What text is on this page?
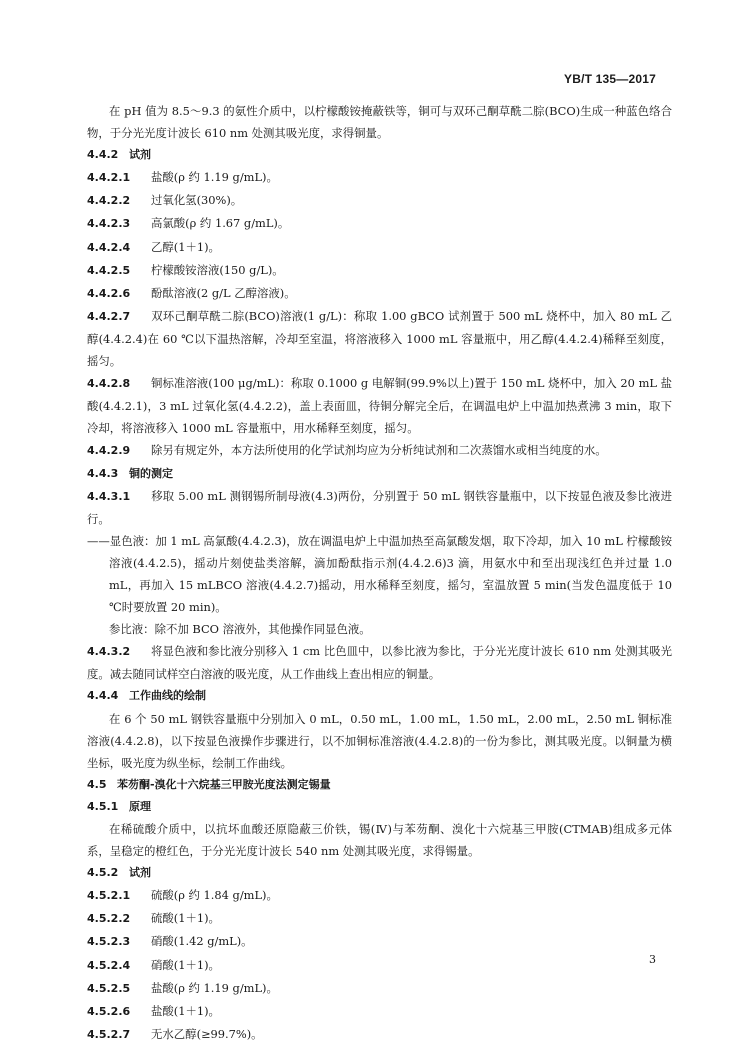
YB/T 135—2017

在 pH 值为 8.5～9.3 的氨性介质中，以柠檬酸铵掩蔽铁等，铜可与双环己酮草酰二腙(BCO)生成一种蓝色络合物，于分光光度计波长 610 nm 处测其吸光度，求得铜量。

4.4.2 试剂

4.4.2.1 盐酸(ρ 约 1.19 g/mL)。

4.4.2.2 过氧化氢(30%)。

4.4.2.3 高氯酸(ρ 约 1.67 g/mL)。

4.4.2.4 乙醇(1＋1)。

4.4.2.5 柠檬酸铵溶液(150 g/L)。

4.4.2.6 酚酞溶液(2 g/L 乙醇溶液)。

4.4.2.7 双环己酮草酰二腙(BCO)溶液(1 g/L)：称取 1.00 gBCO 试剂置于 500 mL 烧杯中，加入 80 mL 乙醇(4.4.2.4)在 60 ℃以下温热溶解，冷却至室温，将溶液移入 1000 mL 容量瓶中，用乙醇(4.4.2.4)稀释至刻度，摇匀。

4.4.2.8 铜标准溶液(100 μg/mL)：称取 0.1000 g 电解铜(99.9%以上)置于 150 mL 烧杯中，加入 20 mL 盐酸(4.4.2.1)，3 mL 过氧化氢(4.4.2.2)，盖上表面皿，待铜分解完全后，在调温电炉上中温加热煮沸 3 min，取下冷却，将溶液移入 1000 mL 容量瓶中，用水稀释至刻度，摇匀。

4.4.2.9 除另有规定外，本方法所使用的化学试剂均应为分析纯试剂和二次蒸馏水或相当纯度的水。

4.4.3 铜的测定

4.4.3.1 移取 5.00 mL 测钢锡所制母液(4.3)两份，分别置于 50 mL 钢铁容量瓶中，以下按显色液及参比液进行。

——显色液：加 1 mL 高氯酸(4.4.2.3)，放在调温电炉上中温加热至高氯酸发烟，取下冷却，加入 10 mL 柠檬酸铵溶液(4.4.2.5)，摇动片刻使盐类溶解，滴加酚酞指示剂(4.4.2.6)3 滴，用氨水中和至出现浅红色并过量 1.0 mL，再加入 15 mLBCO 溶液(4.4.2.7)摇动，用水稀释至刻度，摇匀，室温放置 5 min(当发色温度低于 10 ℃时要放置 20 min)。

参比液：除不加 BCO 溶液外，其他操作同显色液。

4.4.3.2 将显色液和参比液分别移入 1 cm 比色皿中，以参比液为参比，于分光光度计波长 610 nm 处测其吸光度。减去随同试样空白溶液的吸光度，从工作曲线上查出相应的铜量。

4.4.4 工作曲线的绘制

在 6 个 50 mL 钢铁容量瓶中分别加入 0 mL，0.50 mL，1.00 mL，1.50 mL，2.00 mL，2.50 mL 铜标准溶液(4.4.2.8)，以下按显色液操作步骤进行，以不加铜标准溶液(4.4.2.8)的一份为参比，测其吸光度。以铜量为横坐标，吸光度为纵坐标，绘制工作曲线。

4.5 苯芴酮-溴化十六烷基三甲胺光度法测定锡量

4.5.1 原理

在稀硫酸介质中，以抗坏血酸还原隐蔽三价铁，锡(Ⅳ)与苯芴酮、溴化十六烷基三甲胺(CTMAB)组成多元体系，呈稳定的橙红色，于分光光度计波长 540 nm 处测其吸光度，求得锡量。

4.5.2 试剂

4.5.2.1 硫酸(ρ 约 1.84 g/mL)。

4.5.2.2 硫酸(1＋1)。

4.5.2.3 硝酸(1.42 g/mL)。

4.5.2.4 硝酸(1＋1)。

4.5.2.5 盐酸(ρ 约 1.19 g/mL)。

4.5.2.6 盐酸(1＋1)。

4.5.2.7 无水乙醇(≥99.7%)。

3
